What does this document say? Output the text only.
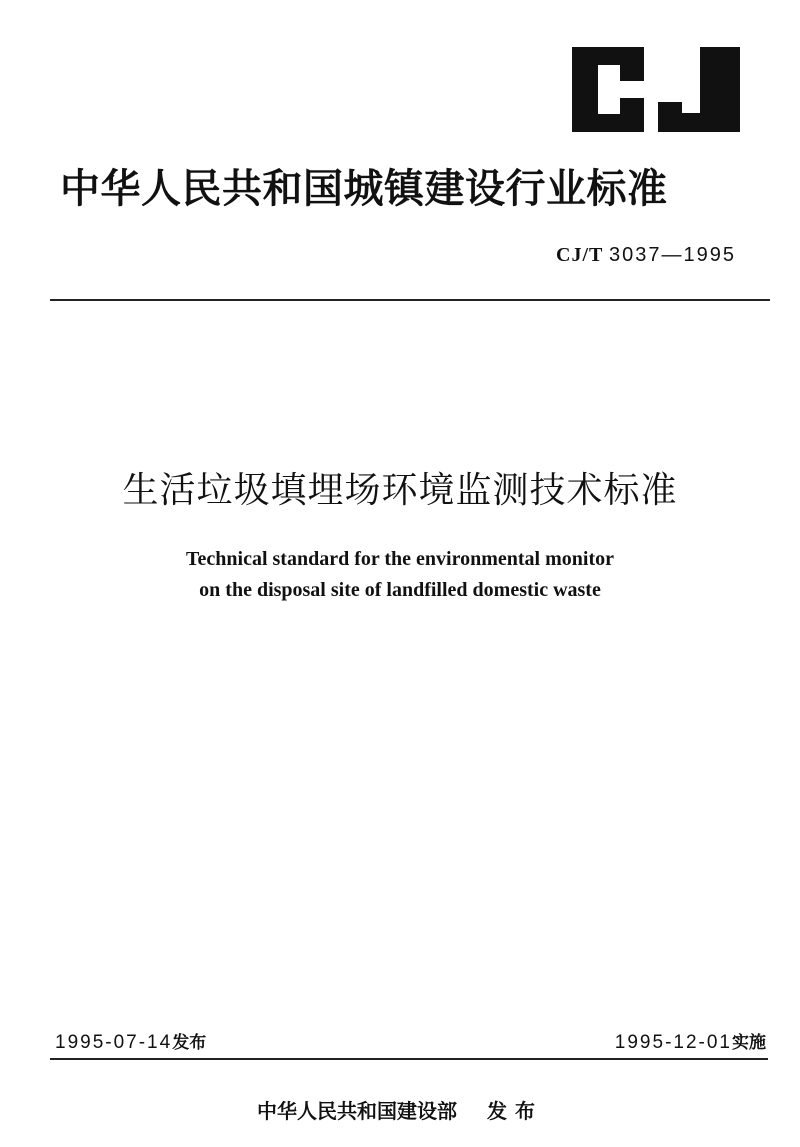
中华人民共和国城镇建设行业标准
CJ/T 3037—1995
生活垃圾填埋场环境监测技术标准
Technical standard for the environmental monitor
on the disposal site of landfilled domestic waste
1995-07-14发布	1995-12-01实施
中华人民共和国建设部 发布
